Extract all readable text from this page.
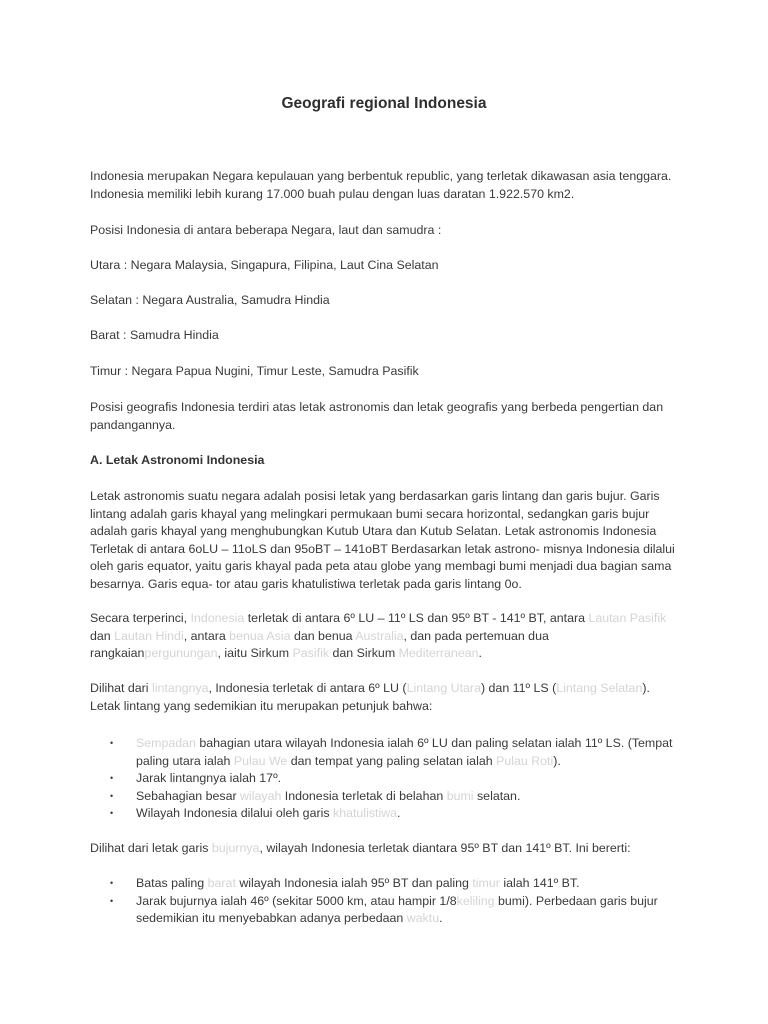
Geografi regional Indonesia

Indonesia merupakan Negara kepulauan yang berbentuk republic, yang terletak dikawasan asia tenggara. Indonesia memiliki lebih kurang 17.000 buah pulau dengan luas daratan 1.922.570 km2.

Posisi Indonesia di antara beberapa Negara, laut dan samudra :

Utara : Negara Malaysia, Singapura, Filipina, Laut Cina Selatan

Selatan : Negara Australia, Samudra Hindia

Barat : Samudra Hindia

Timur : Negara Papua Nugini, Timur Leste, Samudra Pasifik

Posisi geografis Indonesia terdiri atas letak astronomis dan letak geografis yang berbeda pengertian dan pandangannya.

A. Letak Astronomi Indonesia

Letak astronomis suatu negara adalah posisi letak yang berdasarkan garis lintang dan garis bujur. Garis lintang adalah garis khayal yang melingkari permukaan bumi secara horizontal, sedangkan garis bujur adalah garis khayal yang menghubungkan Kutub Utara dan Kutub Selatan. Letak astronomis Indonesia Terletak di antara 6oLU – 11oLS dan 95oBT – 141oBT Berdasarkan letak astrono- misnya Indonesia dilalui oleh garis equator, yaitu garis khayal pada peta atau globe yang membagi bumi menjadi dua bagian sama besarnya. Garis equa- tor atau garis khatulistiwa terletak pada garis lintang 0o.

Secara terperinci, Indonesia terletak di antara 6º LU – 11º LS dan 95º BT - 141º BT, antara Lautan Pasifik dan Lautan Hindi, antara benua Asia dan benua Australia, dan pada pertemuan dua rangkaianpergunungan, iaitu Sirkum Pasifik dan Sirkum Mediterranean.

Dilihat dari lintangnya, Indonesia terletak di antara 6º LU (Lintang Utara) dan 11º LS (Lintang Selatan). Letak lintang yang sedemikian itu merupakan petunjuk bahwa:

• Sempadan bahagian utara wilayah Indonesia ialah 6º LU dan paling selatan ialah 11º LS. (Tempat paling utara ialah Pulau We dan tempat yang paling selatan ialah Pulau Roti).
• Jarak lintangnya ialah 17º.
• Sebahagian besar wilayah Indonesia terletak di belahan bumi selatan.
• Wilayah Indonesia dilalui oleh garis khatulistiwa.

Dilihat dari letak garis bujurnya, wilayah Indonesia terletak diantara 95º BT dan 141º BT. Ini bererti:

• Batas paling barat wilayah Indonesia ialah 95º BT dan paling timur ialah 141º BT.
• Jarak bujurnya ialah 46º (sekitar 5000 km, atau hampir 1/8keliling bumi). Perbedaan garis bujur sedemikian itu menyebabkan adanya perbedaan waktu.
